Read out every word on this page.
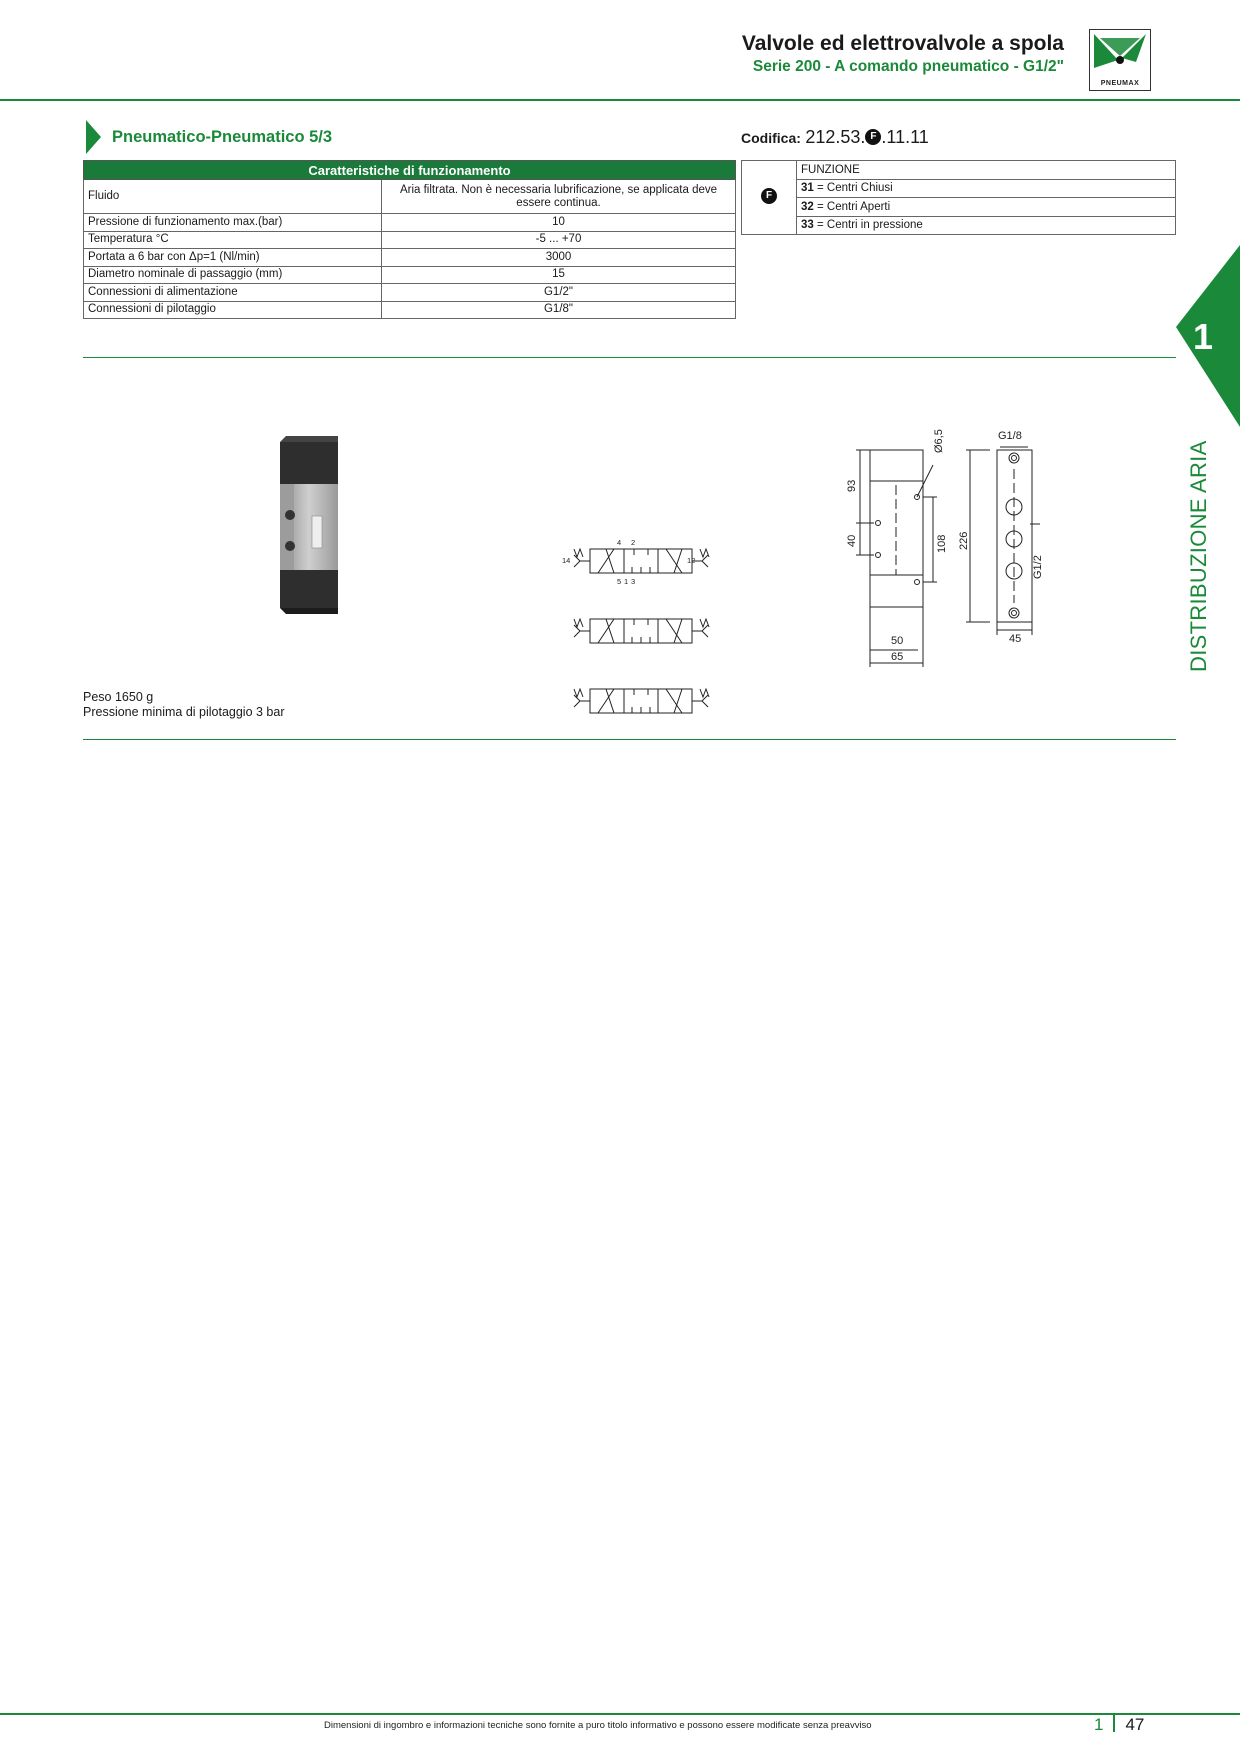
Valvole ed elettrovalvole a spola
Serie 200 - A comando pneumatico - G1/2"
PNEUMAX
Pneumatico-Pneumatico 5/3	Codifica: 212.53. F .11.11
Caratteristiche di funzionamento	
Fluido	Aria filtrata. Non è necessaria lubrificazione, se applicata deve essere continua.
Pressione di funzionamento max.(bar)	10
Temperatura °C	-5 ... +70
Portata a 6 bar con Δp=1 (Nl/min)	3000
Diametro nominale di passaggio (mm)	15
Connessioni di alimentazione	G1/2"
Connessioni di pilotaggio	G1/8"
F	FUNZIONE
31 = Centri Chiusi
32 = Centri Aperti
33 = Centri in pressione
1
DISTRIBUZIONE ARIA
4 2
5 1 3
14	12
Ø6,5
93
40	108 226
50
65
G1/8
G1/2
45
Peso 1650 g
Pressione minima di pilotaggio 3 bar
Dimensioni di ingombro e informazioni tecniche sono fornite a puro titolo informativo e possono essere modificate senza preavviso	1 47
